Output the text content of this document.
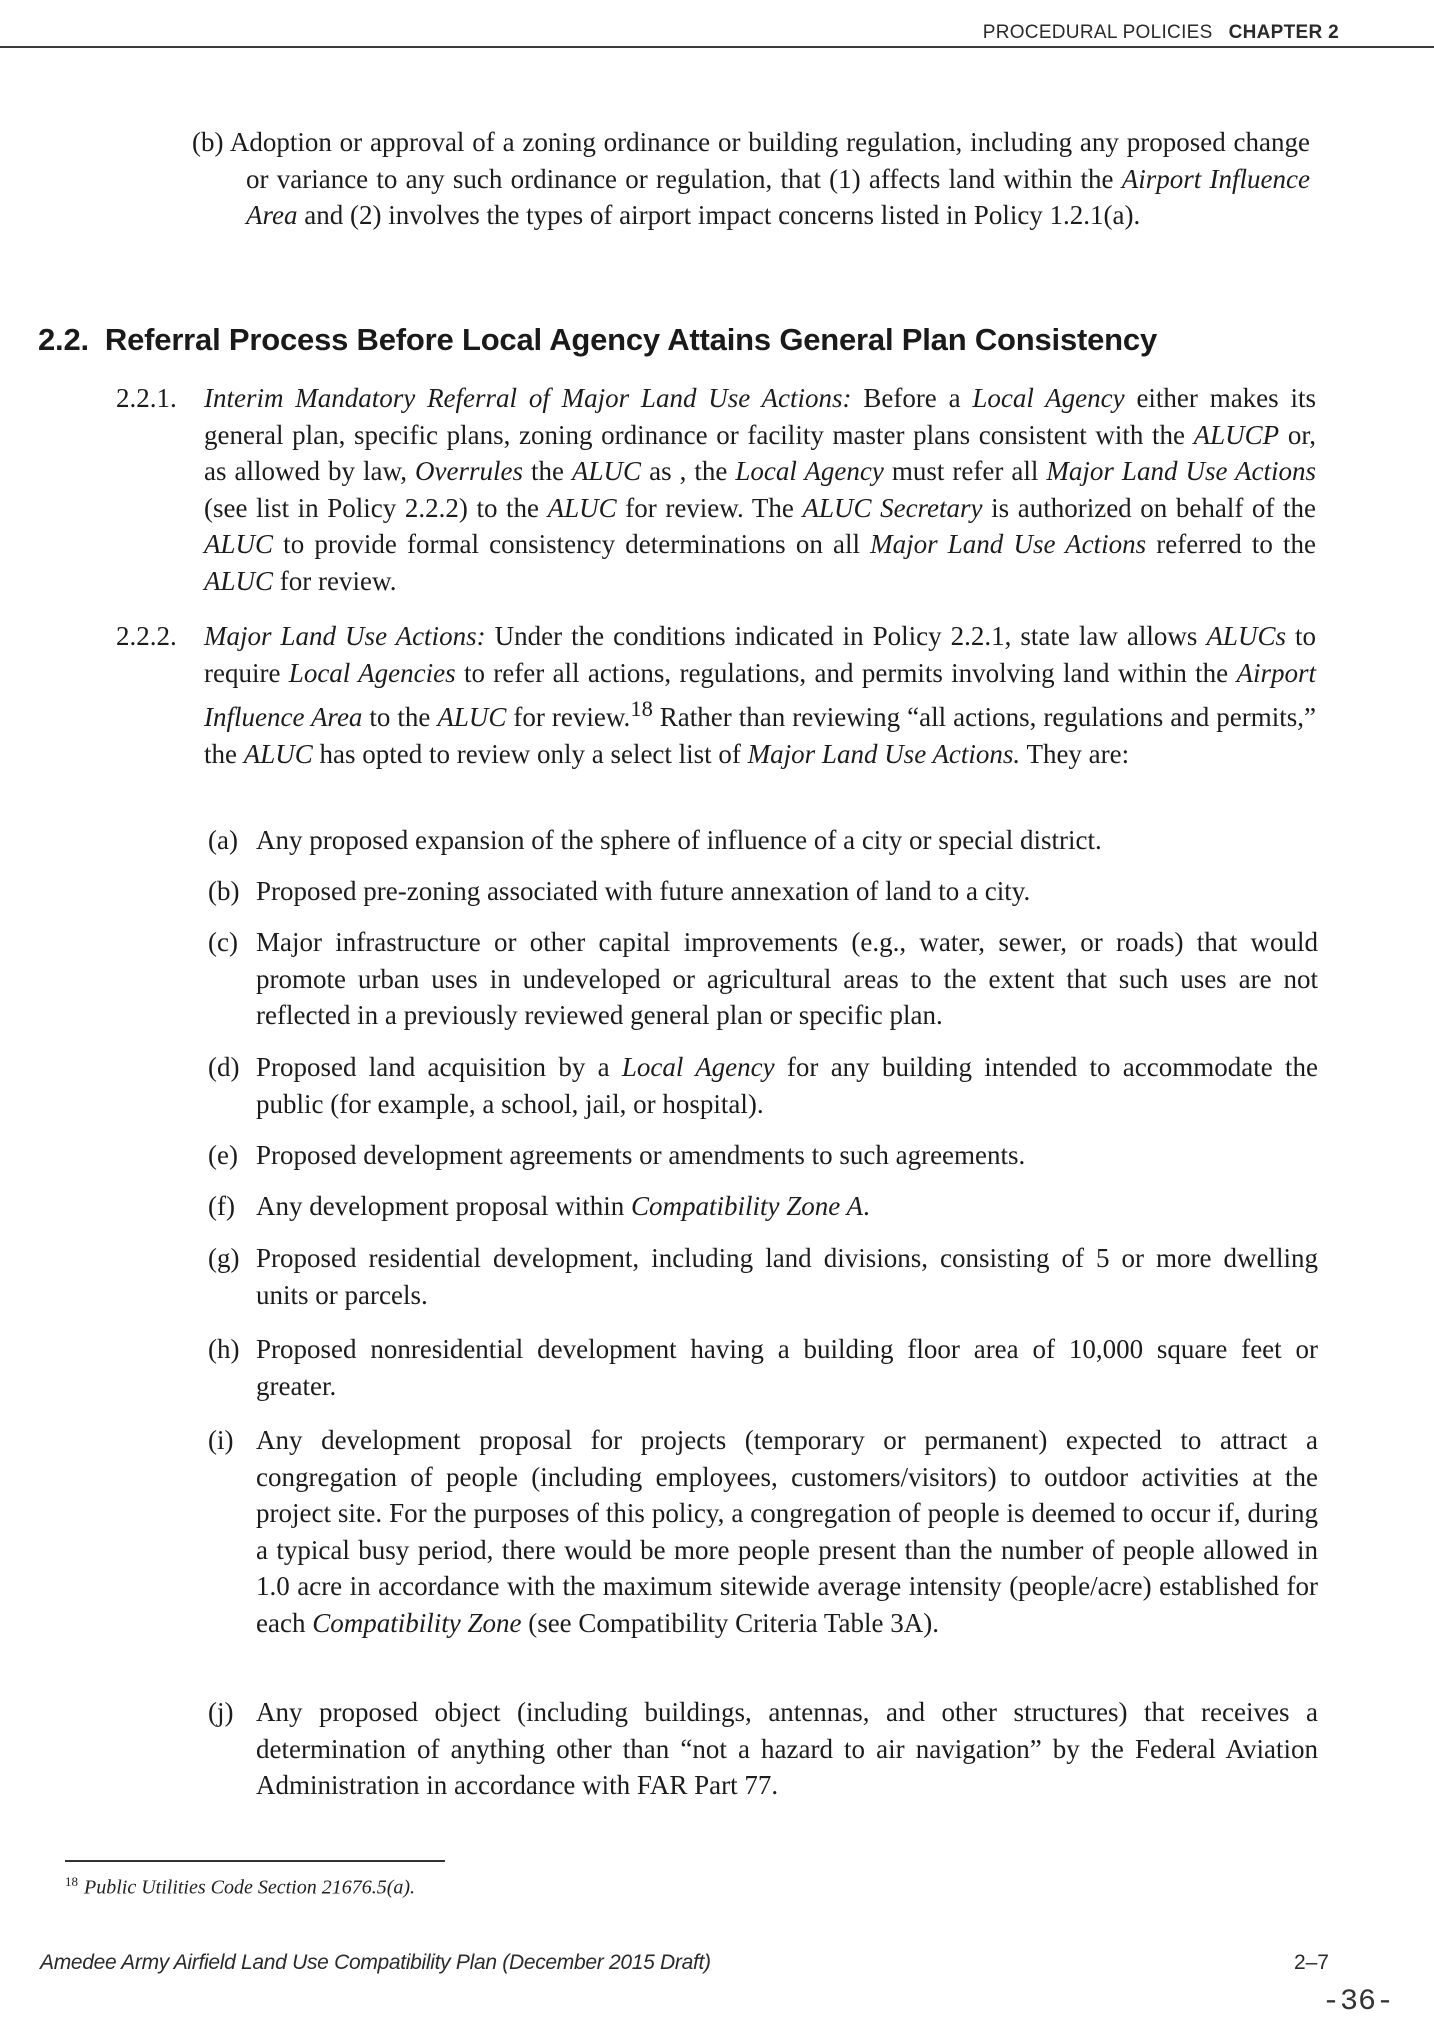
PROCEDURAL POLICIES CHAPTER 2
(b) Adoption or approval of a zoning ordinance or building regulation, including any proposed change or variance to any such ordinance or regulation, that (1) affects land within the Airport Influence Area and (2) involves the types of airport impact concerns listed in Policy 1.2.1(a).
2.2. Referral Process Before Local Agency Attains General Plan Consistency
2.2.1. Interim Mandatory Referral of Major Land Use Actions: Before a Local Agency either makes its general plan, specific plans, zoning ordinance or facility master plans consistent with the ALUCP or, as allowed by law, Overrules the ALUC as , the Local Agency must refer all Major Land Use Actions (see list in Policy 2.2.2) to the ALUC for review. The ALUC Secretary is authorized on behalf of the ALUC to provide formal consistency determinations on all Major Land Use Actions referred to the ALUC for review.
2.2.2. Major Land Use Actions: Under the conditions indicated in Policy 2.2.1, state law allows ALUCs to require Local Agencies to refer all actions, regulations, and permits involving land within the Airport Influence Area to the ALUC for review.$^{18}$ Rather than reviewing “all actions, regulations and permits,” the ALUC has opted to review only a select list of Major Land Use Actions. They are:
(a) Any proposed expansion of the sphere of influence of a city or special district.
(b) Proposed pre-zoning associated with future annexation of land to a city.
(c) Major infrastructure or other capital improvements (e.g., water, sewer, or roads) that would promote urban uses in undeveloped or agricultural areas to the extent that such uses are not reflected in a previously reviewed general plan or specific plan.
(d) Proposed land acquisition by a Local Agency for any building intended to accommodate the public (for example, a school, jail, or hospital).
(e) Proposed development agreements or amendments to such agreements.
(f) Any development proposal within Compatibility Zone A.
(g) Proposed residential development, including land divisions, consisting of 5 or more dwelling units or parcels.
(h) Proposed nonresidential development having a building floor area of 10,000 square feet or greater.
(i) Any development proposal for projects (temporary or permanent) expected to attract a congregation of people (including employees, customers/visitors) to outdoor activities at the project site. For the purposes of this policy, a congregation of people is deemed to occur if, during a typical busy period, there would be more people present than the number of people allowed in 1.0 acre in accordance with the maximum sitewide average intensity (people/acre) established for each Compatibility Zone (see Compatibility Criteria Table 3A).
(j) Any proposed object (including buildings, antennas, and other structures) that receives a determination of anything other than “not a hazard to air navigation” by the Federal Aviation Administration in accordance with FAR Part 77.
$^{18}$ Public Utilities Code Section 21676.5(a).
Amedee Army Airfield Land Use Compatibility Plan (December 2015 Draft)	2–7
-36-
